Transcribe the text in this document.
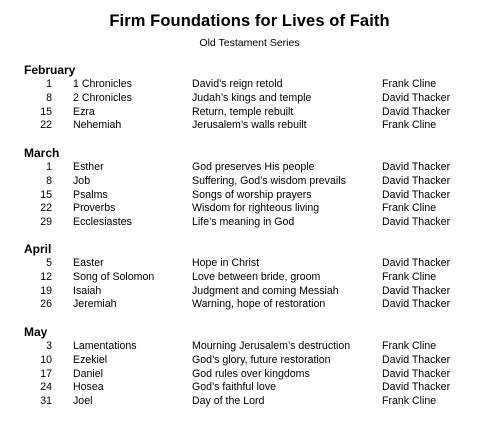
Firm Foundations for Lives of Faith
Old Testament Series
February
1 1 Chronicles	David’s reign retold	Frank Cline
8 2 Chronicles	Judah’s kings and temple	David Thacker
15 Ezra	Return, temple rebuilt	David Thacker
22 Nehemiah	Jerusalem’s walls rebuilt	Frank Cline
March
1 Esther	God preserves His people	David Thacker
8 Job	Suffering, God’s wisdom prevails	David Thacker
15 Psalms	Songs of worship prayers	David Thacker
22 Proverbs	Wisdom for righteous living	Frank Cline
29 Ecclesiastes	Life’s meaning in God	David Thacker
April
5 Easter	Hope in Christ	David Thacker
12 Song of Solomon	Love between bride, groom	Frank Cline
19 Isaiah	Judgment and coming Messiah	David Thacker
26 Jeremiah	Warning, hope of restoration	David Thacker
May
3 Lamentations	Mourning Jerusalem’s destruction	Frank Cline
10 Ezekiel	God’s glory, future restoration	David Thacker
17 Daniel	God rules over kingdoms	David Thacker
24 Hosea	God’s faithful love	David Thacker
31 Joel	Day of the Lord	Frank Cline
